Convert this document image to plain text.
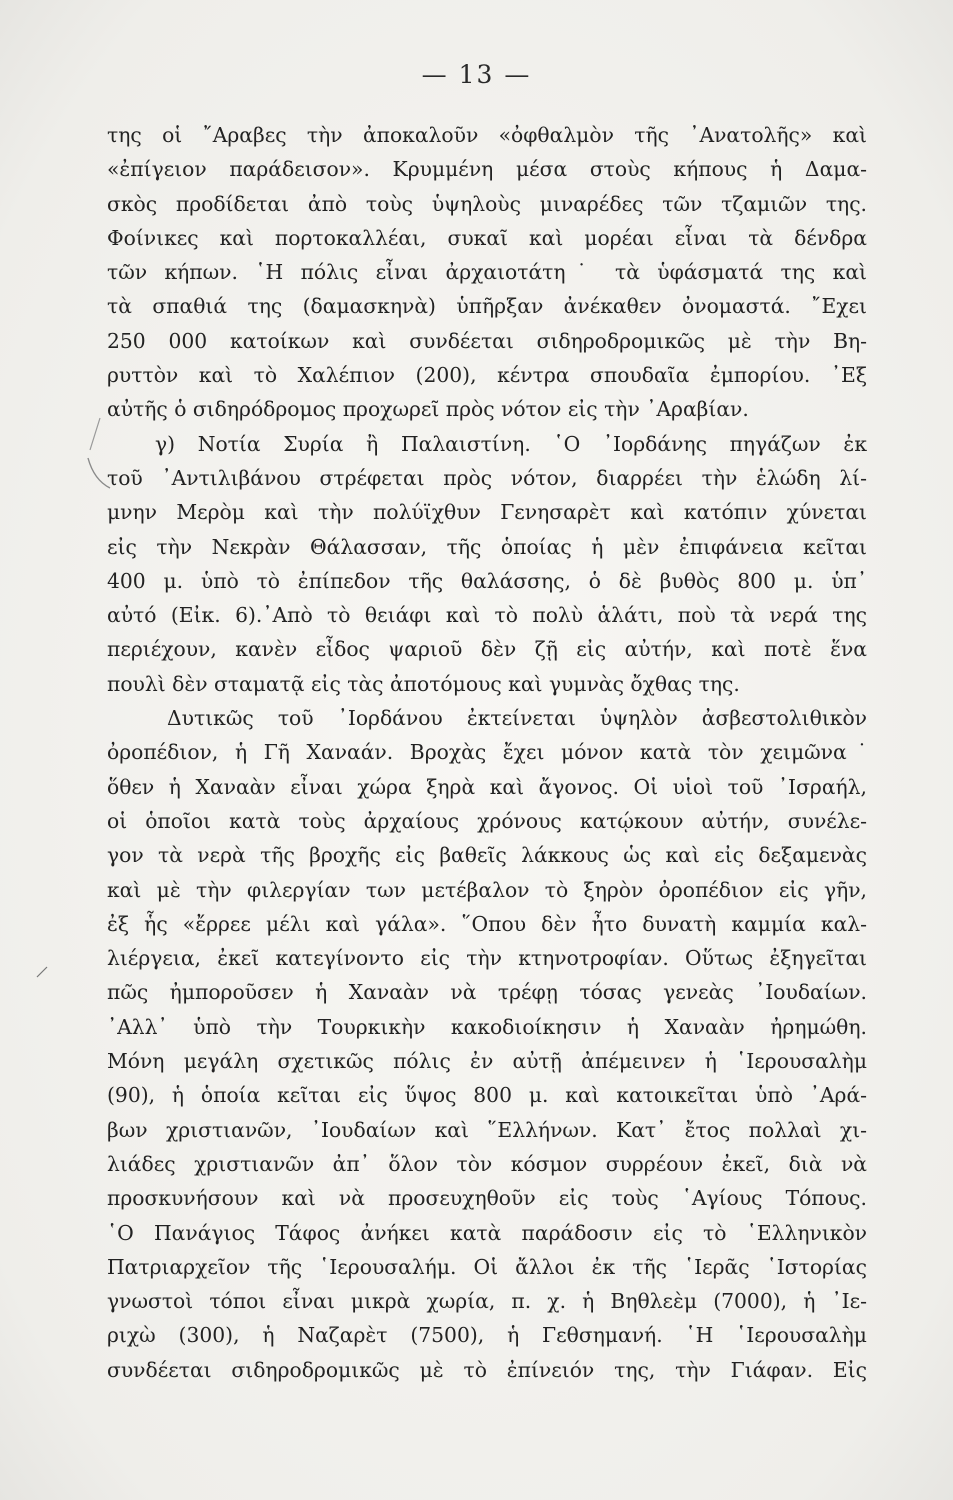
— 13 —
της οἱ ῎Αραβες τὴν ἀποκαλοῦν «ὀφθαλμὸν τῆς ᾿Ανατολῆς» καὶ
«ἐπίγειον παράδεισον». Κρυμμένη μέσα στοὺς κήπους ἡ Δαμα-
σκὸς προδίδεται ἀπὸ τοὺς ὑψηλοὺς μιναρέδες τῶν τζαμιῶν της.
Φοίνικες καὶ πορτοκαλλέαι, συκαῖ καὶ μορέαι εἶναι τὰ δένδρα
τῶν κήπων. ῾Η πόλις εἶναι ἀρχαιοτάτη˙ τὰ ὑφάσματά της καὶ
τὰ σπαθιά της (δαμασκηνὰ) ὑπῆρξαν ἀνέκαθεν ὀνομαστά. ῎Εχει
250 000 κατοίκων καὶ συνδέεται σιδηροδρομικῶς μὲ τὴν Βη-
ρυττὸν καὶ τὸ Χαλέπιον (200), κέντρα σπουδαῖα ἐμπορίου. ᾿Εξ
αὐτῆς ὁ σιδηρόδρομος προχωρεῖ πρὸς νότον εἰς τὴν ᾿Αραβίαν.
γ) Νοτία Συρία ἢ Παλαιστίνη. ῾Ο ᾿Ιορδάνης πηγάζων ἐκ
τοῦ ᾿Αντιλιβάνου στρέφεται πρὸς νότον, διαρρέει τὴν ἑλώδη λί-
μνην Μερὸμ καὶ τὴν πολύϊχθυν Γενησαρὲτ καὶ κατόπιν χύνεται
εἰς τὴν Νεκρὰν Θάλασσαν, τῆς ὁποίας ἡ μὲν ἐπιφάνεια κεῖται
400 μ. ὑπὸ τὸ ἐπίπεδον τῆς θαλάσσης, ὁ δὲ βυθὸς 800 μ. ὑπ᾿
αὐτό (Εἰκ. 6).᾿Απὸ τὸ θειάφι καὶ τὸ πολὺ ἁλάτι, ποὺ τὰ νερά της
περιέχουν, κανὲν εἶδος ψαριοῦ δὲν ζῇ εἰς αὐτήν, καὶ ποτὲ ἕνα
πουλὶ δὲν σταματᾷ εἰς τὰς ἀποτόμους καὶ γυμνὰς ὄχθας της.
Δυτικῶς τοῦ ᾿Ιορδάνου ἐκτείνεται ὑψηλὸν ἀσβεστολιθικὸν
ὀροπέδιον, ἡ Γῆ Χαναάν. Βροχὰς ἔχει μόνον κατὰ τὸν χειμῶνα˙
ὅθεν ἡ Χαναὰν εἶναι χώρα ξηρὰ καὶ ἄγονος. Οἱ υἱοὶ τοῦ ᾿Ισραήλ,
οἱ ὁποῖοι κατὰ τοὺς ἀρχαίους χρόνους κατῴκουν αὐτήν, συνέλε-
γον τὰ νερὰ τῆς βροχῆς εἰς βαθεῖς λάκκους ὡς καὶ εἰς δεξαμενὰς
καὶ μὲ τὴν φιλεργίαν των μετέβαλον τὸ ξηρὸν ὀροπέδιον εἰς γῆν,
ἐξ ἧς «ἔρρεε μέλι καὶ γάλα». ῞Οπου δὲν ἦτο δυνατὴ καμμία καλ-
λιέργεια, ἐκεῖ κατεγίνοντο εἰς τὴν κτηνοτροφίαν. Οὕτως ἐξηγεῖται
πῶς ἠμποροῦσεν ἡ Χαναὰν νὰ τρέφῃ τόσας γενεὰς ᾿Ιουδαίων.
᾿Αλλ᾿ ὑπὸ τὴν Τουρκικὴν κακοδιοίκησιν ἡ Χαναὰν ἠρημώθη.
Μόνη μεγάλη σχετικῶς πόλις ἐν αὐτῇ ἀπέμεινεν ἡ ῾Ιερουσαλὴμ
(90), ἡ ὁποία κεῖται εἰς ὕψος 800 μ. καὶ κατοικεῖται ὑπὸ ᾿Αρά-
βων χριστιανῶν, ᾿Ιουδαίων καὶ ῞Ελλήνων. Κατ᾿ ἔτος πολλαὶ χι-
λιάδες χριστιανῶν ἀπ᾿ ὅλον τὸν κόσμον συρρέουν ἐκεῖ, διὰ νὰ
προσκυνήσουν καὶ νὰ προσευχηθοῦν εἰς τοὺς ῾Αγίους Τόπους.
῾Ο Πανάγιος Τάφος ἀνήκει κατὰ παράδοσιν εἰς τὸ ῾Ελληνικὸν
Πατριαρχεῖον τῆς ῾Ιερουσαλήμ. Οἱ ἄλλοι ἐκ τῆς ῾Ιερᾶς ῾Ιστορίας
γνωστοὶ τόποι εἶναι μικρὰ χωρία, π. χ. ἡ Βηθλεὲμ (7000), ἡ ᾿Ιε-
ριχὼ (300), ἡ Ναζαρὲτ (7500), ἡ Γεθσημανή. ῾Η ῾Ιερουσαλὴμ
συνδέεται σιδηροδρομικῶς μὲ τὸ ἐπίνειόν της, τὴν Γιάφαν. Εἰς
